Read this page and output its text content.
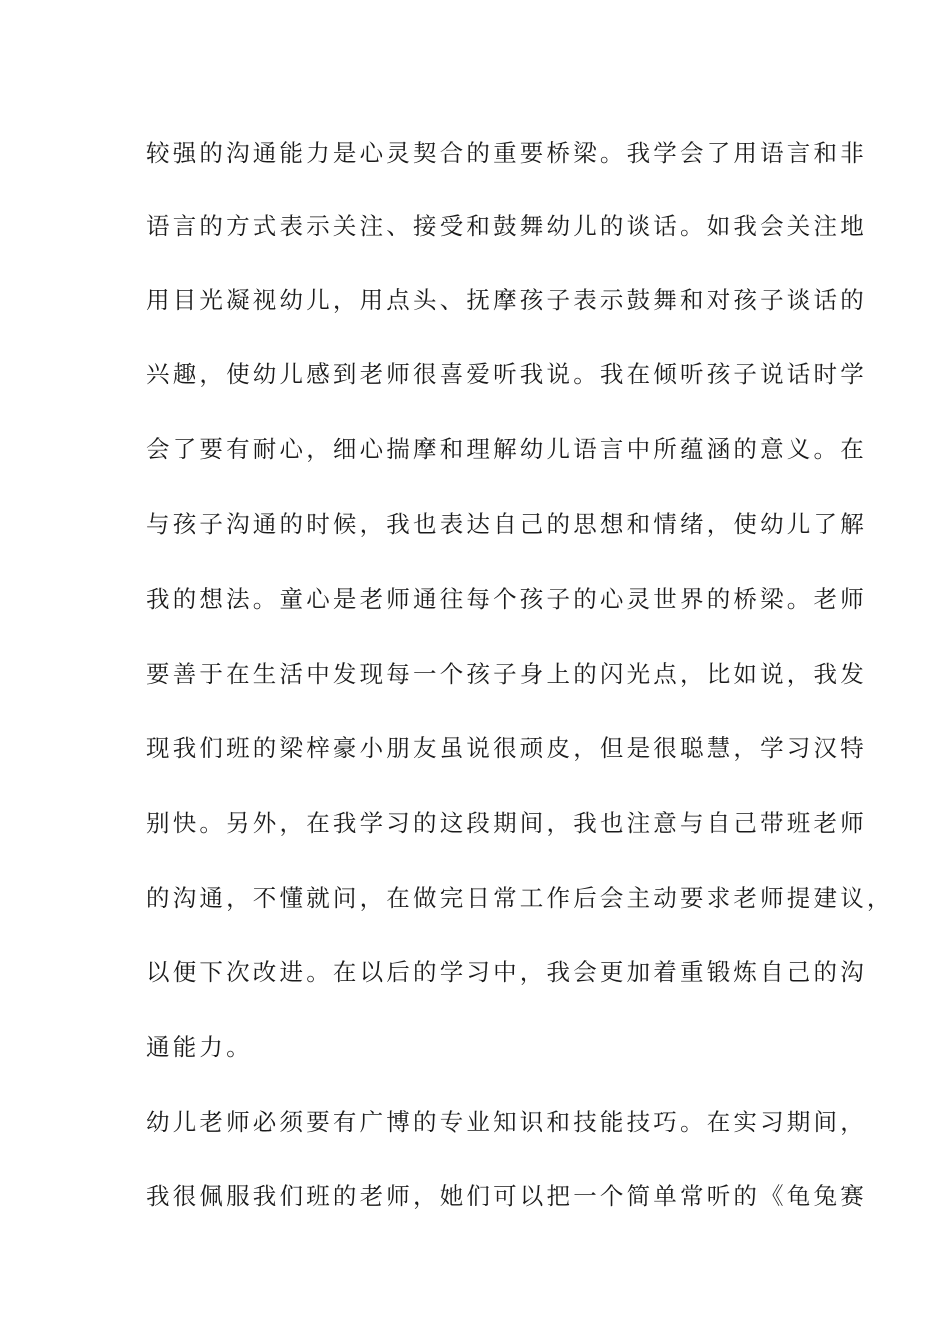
较强的沟通能力是心灵契合的重要桥梁。我学会了用语言和非
语言的方式表示关注、接受和鼓舞幼儿的谈话。如我会关注地
用目光凝视幼儿，用点头、抚摩孩子表示鼓舞和对孩子谈话的
兴趣，使幼儿感到老师很喜爱听我说。我在倾听孩子说话时学
会了要有耐心，细心揣摩和理解幼儿语言中所蕴涵的意义。在
与孩子沟通的时候，我也表达自己的思想和情绪，使幼儿了解
我的想法。童心是老师通往每个孩子的心灵世界的桥梁。老师
要善于在生活中发现每一个孩子身上的闪光点，比如说，我发
现我们班的梁梓豪小朋友虽说很顽皮，但是很聪慧，学习汉特
别快。另外，在我学习的这段期间，我也注意与自己带班老师
的沟通，不懂就问，在做完日常工作后会主动要求老师提建议，
以便下次改进。在以后的学习中，我会更加着重锻炼自己的沟
通能力。
幼儿老师必须要有广博的专业知识和技能技巧。在实习期间，
我很佩服我们班的老师，她们可以把一个简单常听的《龟兔赛
